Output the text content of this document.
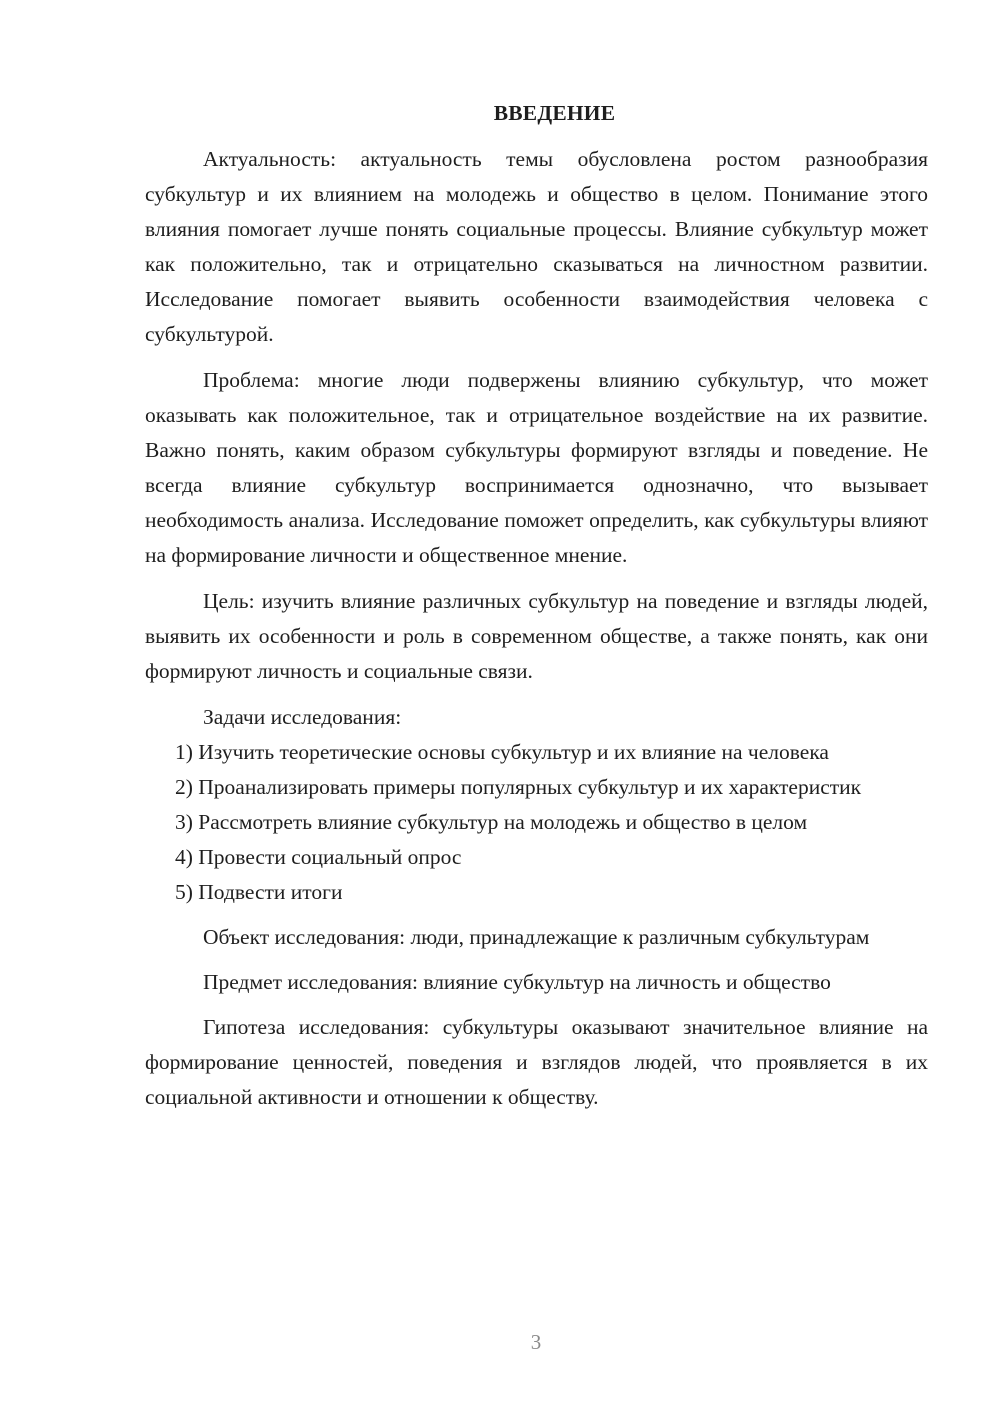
ВВЕДЕНИЕ

Актуальность: актуальность темы обусловлена ростом разнообразия субкультур и их влиянием на молодежь и общество в целом. Понимание этого влияния помогает лучше понять социальные процессы. Влияние субкультур может как положительно, так и отрицательно сказываться на личностном развитии. Исследование помогает выявить особенности взаимодействия человека с субкультурой.

Проблема: многие люди подвержены влиянию субкультур, что может оказывать как положительное, так и отрицательное воздействие на их развитие. Важно понять, каким образом субкультуры формируют взгляды и поведение. Не всегда влияние субкультур воспринимается однозначно, что вызывает необходимость анализа. Исследование поможет определить, как субкультуры влияют на формирование личности и общественное мнение.

Цель: изучить влияние различных субкультур на поведение и взгляды людей, выявить их особенности и роль в современном обществе, а также понять, как они формируют личность и социальные связи.

Задачи исследования:

1) Изучить теоретические основы субкультур и их влияние на человека

2) Проанализировать примеры популярных субкультур и их характеристик

3) Рассмотреть влияние субкультур на молодежь и общество в целом

4) Провести социальный опрос

5) Подвести итоги

Объект исследования: люди, принадлежащие к различным субкультурам

Предмет исследования: влияние субкультур на личность и общество

Гипотеза исследования: субкультуры оказывают значительное влияние на формирование ценностей, поведения и взглядов людей, что проявляется в их социальной активности и отношении к обществу.

3
